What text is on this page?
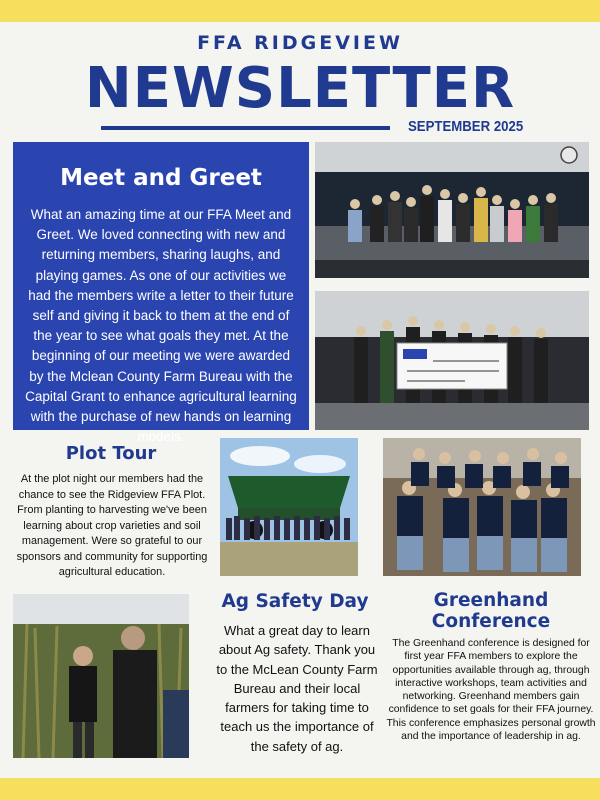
FFA RIDGEVIEW
NEWSLETTER
SEPTEMBER 2025
Meet and Greet

What an amazing time at our FFA Meet and Greet. We loved connecting with new and returning members, sharing laughs, and playing games. As one of our activities we had the members write a letter to their future self and giving it back to them at the end of the year to see what goals they met. At the beginning of our meeting we were awarded by the Mclean County Farm Bureau with the Capital Grant to enhance agricultural learning with the purchase of new hands on learning models.

Plot Tour
At the plot night our members had the chance to see the Ridgeview FFA Plot. From planting to harvesting we've been learning about crop varieties and soil management. Were so grateful to our sponsors and community for supporting agricultural education.
Ag Safety Day
What a great day to learn about Ag safety. Thank you to the McLean County Farm Bureau and their local farmers for taking time to teach us the importance of the safety of ag.
Greenhand
Conference
The Greenhand conference is designed for first year FFA members to explore the opportunities available through ag, through interactive workshops, team activities and networking. Greenhand members gain confidence to set goals for their FFA journey. This conference emphasizes personal growth and the importance of leadership in ag.
